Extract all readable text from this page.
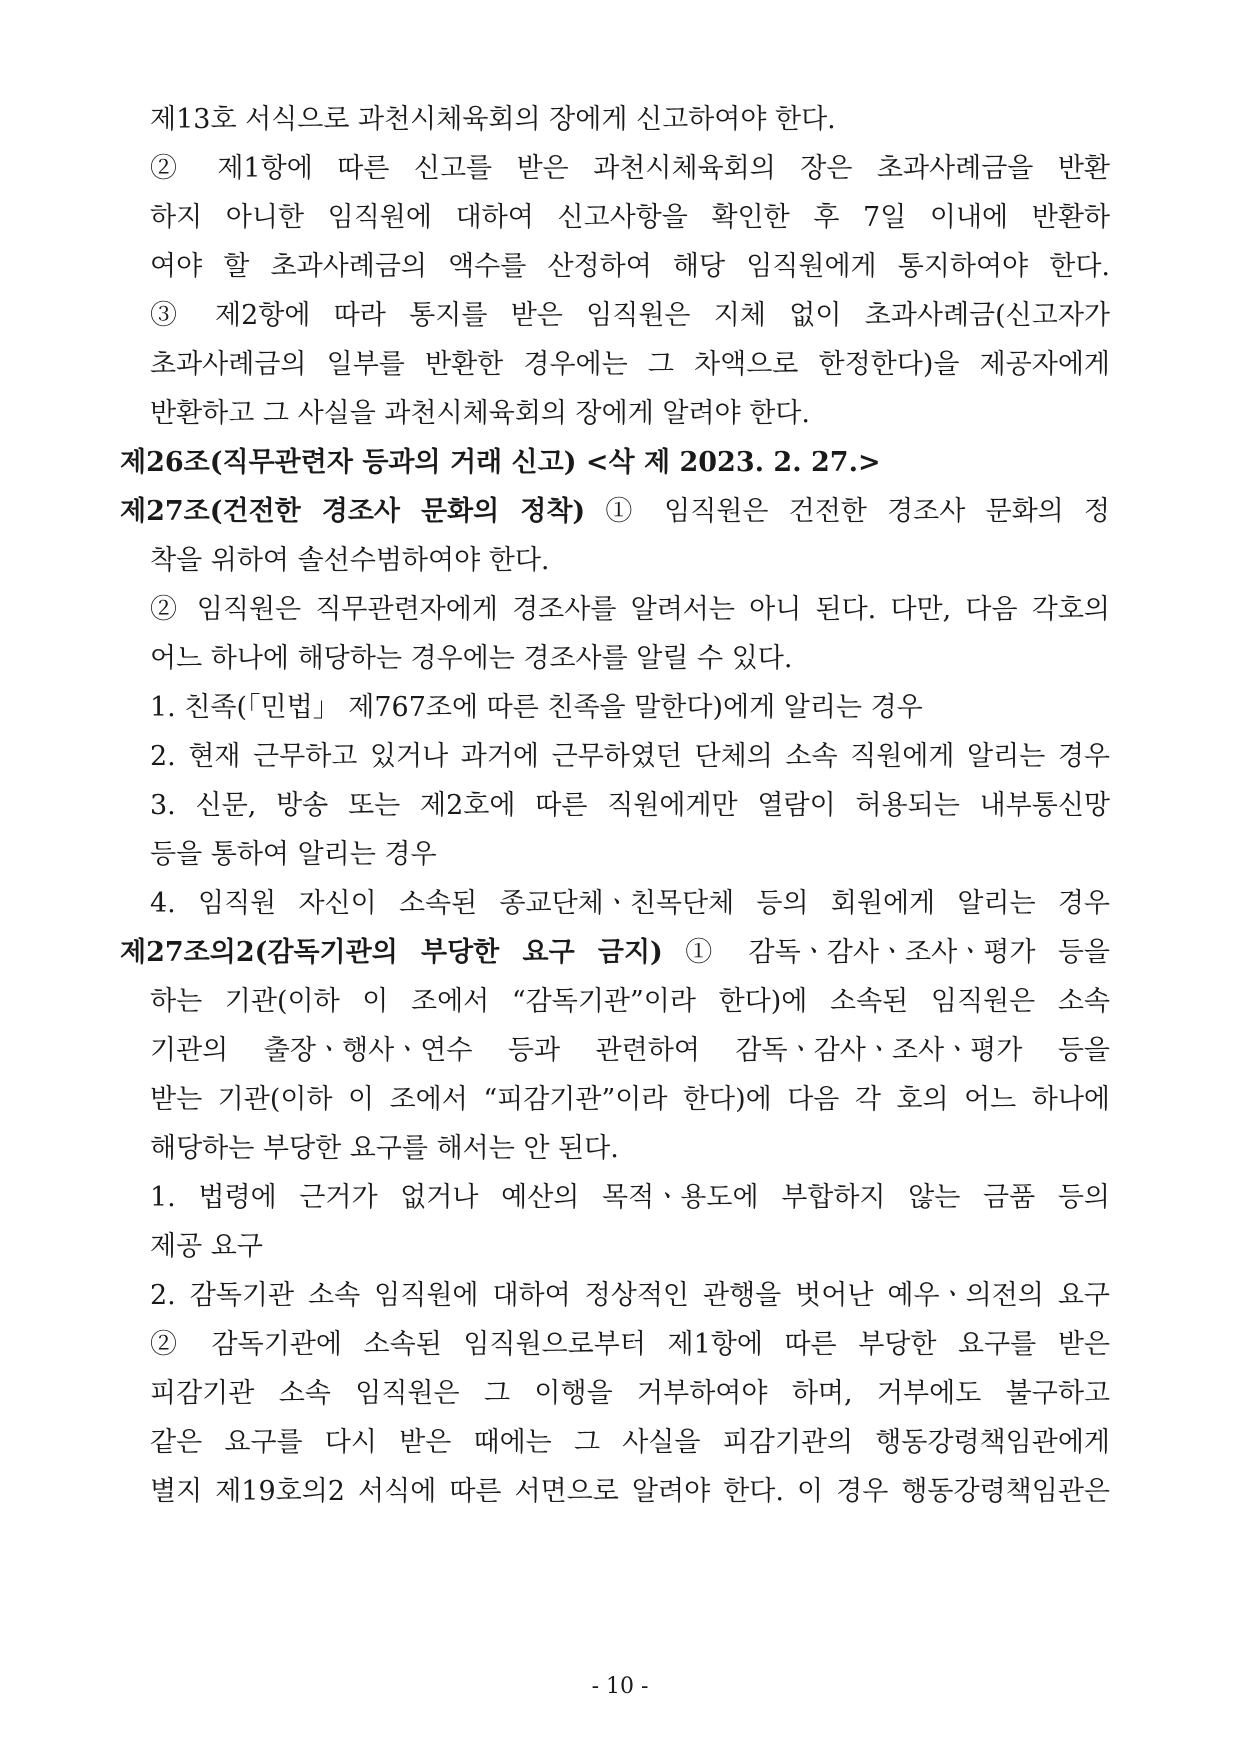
제13호 서식으로 과천시체육회의 장에게 신고하여야 한다.
② 제1항에 따른 신고를 받은 과천시체육회의 장은 초과사례금을 반환
하지 아니한 임직원에 대하여 신고사항을 확인한 후 7일 이내에 반환하
여야 할 초과사례금의 액수를 산정하여 해당 임직원에게 통지하여야 한다.
③ 제2항에 따라 통지를 받은 임직원은 지체 없이 초과사례금(신고자가
초과사례금의 일부를 반환한 경우에는 그 차액으로 한정한다)을 제공자에게
반환하고 그 사실을 과천시체육회의 장에게 알려야 한다.
제26조(직무관련자 등과의 거래 신고) <삭 제 2023. 2. 27.>
제27조(건전한 경조사 문화의 정착) ① 임직원은 건전한 경조사 문화의 정
착을 위하여 솔선수범하여야 한다.
② 임직원은 직무관련자에게 경조사를 알려서는 아니 된다. 다만, 다음 각호의
어느 하나에 해당하는 경우에는 경조사를 알릴 수 있다.
1. 친족(「민법」 제767조에 따른 친족을 말한다)에게 알리는 경우
2. 현재 근무하고 있거나 과거에 근무하였던 단체의 소속 직원에게 알리는 경우
3. 신문, 방송 또는 제2호에 따른 직원에게만 열람이 허용되는 내부통신망
등을 통하여 알리는 경우
4. 임직원 자신이 소속된 종교단체ㆍ친목단체 등의 회원에게 알리는 경우
제27조의2(감독기관의 부당한 요구 금지) ① 감독ㆍ감사ㆍ조사ㆍ평가 등을
하는 기관(이하 이 조에서 “감독기관”이라 한다)에 소속된 임직원은 소속
기관의 출장ㆍ행사ㆍ연수 등과 관련하여 감독ㆍ감사ㆍ조사ㆍ평가 등을
받는 기관(이하 이 조에서 “피감기관”이라 한다)에 다음 각 호의 어느 하나에
해당하는 부당한 요구를 해서는 안 된다.
1. 법령에 근거가 없거나 예산의 목적ㆍ용도에 부합하지 않는 금품 등의
제공 요구
2. 감독기관 소속 임직원에 대하여 정상적인 관행을 벗어난 예우ㆍ의전의 요구
② 감독기관에 소속된 임직원으로부터 제1항에 따른 부당한 요구를 받은
피감기관 소속 임직원은 그 이행을 거부하여야 하며, 거부에도 불구하고
같은 요구를 다시 받은 때에는 그 사실을 피감기관의 행동강령책임관에게
별지 제19호의2 서식에 따른 서면으로 알려야 한다. 이 경우 행동강령책임관은
- 10 -
